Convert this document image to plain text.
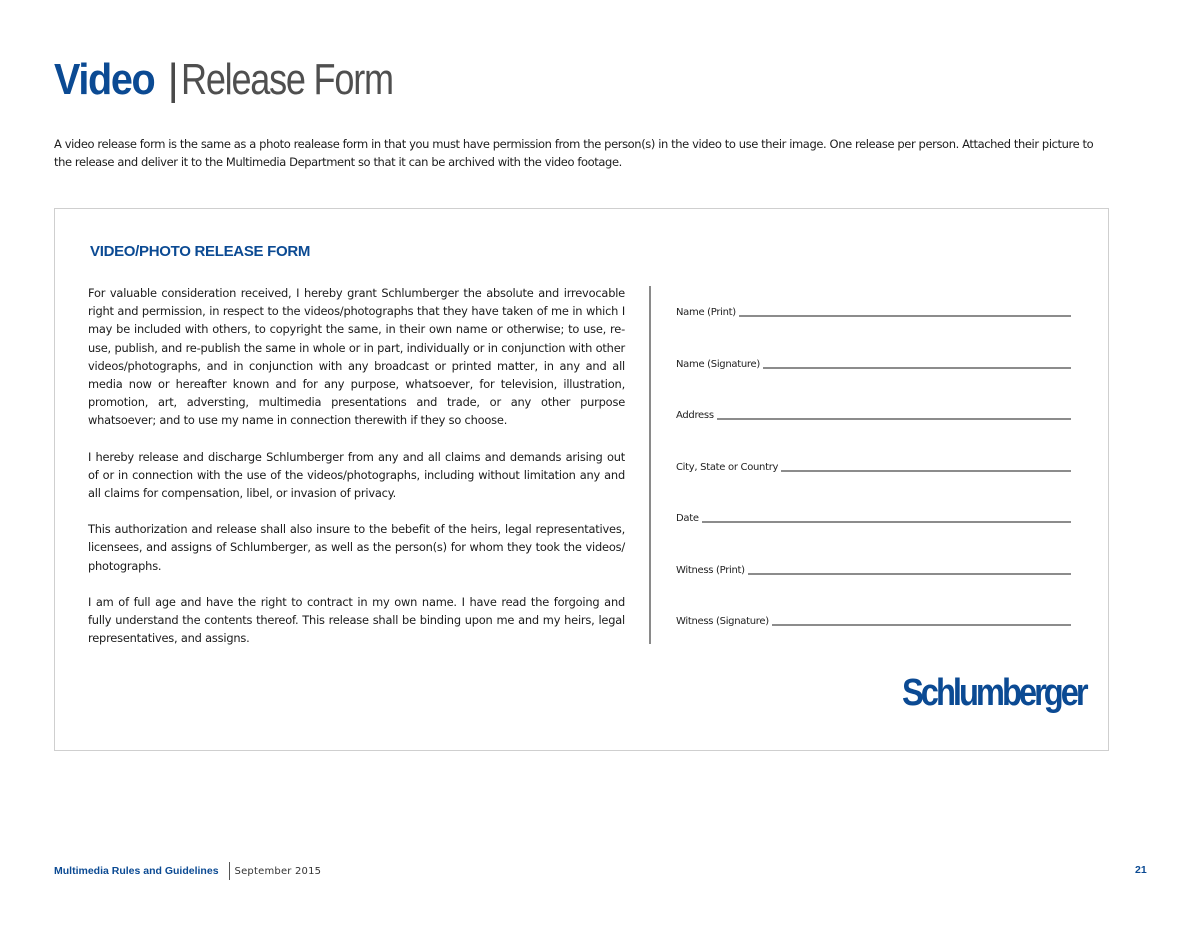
Video |Release Form
A video release form is the same as a photo realease form in that you must have permission from the person(s) in the video to use their image. One release per person. Attached their picture to the release and deliver it to the Multimedia Department so that it can be archived with the video footage.
VIDEO/PHOTO RELEASE FORM

For valuable consideration received, I hereby grant Schlumberger the absolute and irrevocable right and permission, in respect to the videos/photographs that they have taken of me in which I may be included with others, to copyright the same, in their own name or otherwise; to use, re-use, publish, and re-publish the same in whole or in part, individually or in conjunction with other videos/photographs, and in conjunction with any broadcast or printed matter, in any and all media now or hereafter known and for any purpose, whatsoever, for television, illustration, promotion, art, adversting, multimedia presentations and trade, or any other purpose whatsoever; and to use my name in connection therewith if they so choose.

I hereby release and discharge Schlumberger from any and all claims and demands arising out of or in connection with the use of the videos/photographs, including without limitation any and all claims for compensation, libel, or invasion of privacy.

This authorization and release shall also insure to the bebefit of the heirs, legal representatives, licensees, and assigns of Schlumberger, as well as the person(s) for whom they took the videos/ photographs.

I am of full age and have the right to contract in my own name. I have read the forgoing and fully understand the contents thereof. This release shall be binding upon me and my heirs, legal representatives, and assigns.

Name (Print)
Name (Signature)
Address
City, State or Country
Date
Witness (Print)
Witness (Signature)
Schlumberger
Multimedia Rules and Guidelines September 2015	21
